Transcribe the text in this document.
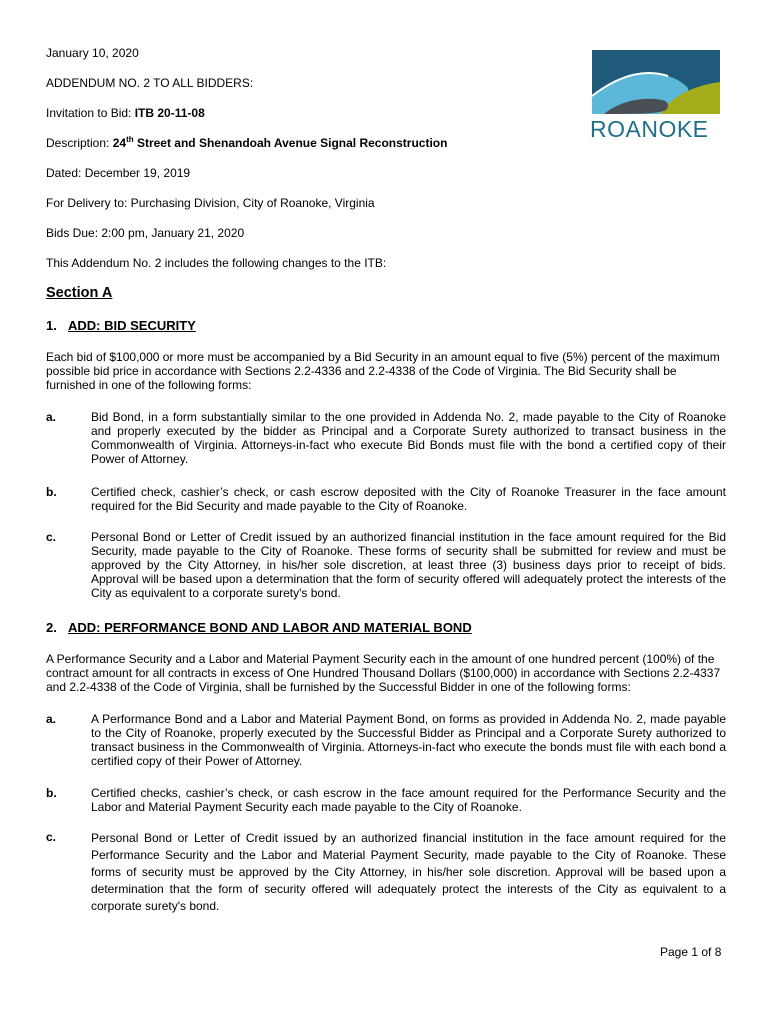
January 10, 2020
ADDENDUM NO. 2 TO ALL BIDDERS:
Invitation to Bid: ITB 20-11-08
Description: 24th Street and Shenandoah Avenue Signal Reconstruction
Dated: December 19, 2019
For Delivery to: Purchasing Division, City of Roanoke, Virginia
Bids Due: 2:00 pm, January 21, 2020
This Addendum No. 2 includes the following changes to the ITB:
ROANOKE
Section A
1. ADD: BID SECURITY
Each bid of $100,000 or more must be accompanied by a Bid Security in an amount equal to five (5%) percent of the maximum possible bid price in accordance with Sections 2.2-4336 and 2.2-4338 of the Code of Virginia. The Bid Security shall be furnished in one of the following forms:
a.	Bid Bond, in a form substantially similar to the one provided in Addenda No. 2, made payable to the City of Roanoke and properly executed by the bidder as Principal and a Corporate Surety authorized to transact business in the Commonwealth of Virginia. Attorneys-in-fact who execute Bid Bonds must file with the bond a certified copy of their Power of Attorney.
b.	Certified check, cashier’s check, or cash escrow deposited with the City of Roanoke Treasurer in the face amount required for the Bid Security and made payable to the City of Roanoke.
c.	Personal Bond or Letter of Credit issued by an authorized financial institution in the face amount required for the Bid Security, made payable to the City of Roanoke. These forms of security shall be submitted for review and must be approved by the City Attorney, in his/her sole discretion, at least three (3) business days prior to receipt of bids. Approval will be based upon a determination that the form of security offered will adequately protect the interests of the City as equivalent to a corporate surety's bond.
2. ADD: PERFORMANCE BOND AND LABOR AND MATERIAL BOND
A Performance Security and a Labor and Material Payment Security each in the amount of one hundred percent (100%) of the contract amount for all contracts in excess of One Hundred Thousand Dollars ($100,000) in accordance with Sections 2.2-4337 and 2.2-4338 of the Code of Virginia, shall be furnished by the Successful Bidder in one of the following forms:
a.	A Performance Bond and a Labor and Material Payment Bond, on forms as provided in Addenda No. 2, made payable to the City of Roanoke, properly executed by the Successful Bidder as Principal and a Corporate Surety authorized to transact business in the Commonwealth of Virginia. Attorneys-in-fact who execute the bonds must file with each bond a certified copy of their Power of Attorney.
b.	Certified checks, cashier’s check, or cash escrow in the face amount required for the Performance Security and the Labor and Material Payment Security each made payable to the City of Roanoke.
c.	Personal Bond or Letter of Credit issued by an authorized financial institution in the face amount required for the Performance Security and the Labor and Material Payment Security, made payable to the City of Roanoke. These forms of security must be approved by the City Attorney, in his/her sole discretion. Approval will be based upon a determination that the form of security offered will adequately protect the interests of the City as equivalent to a corporate surety's bond.
Page 1 of 8
